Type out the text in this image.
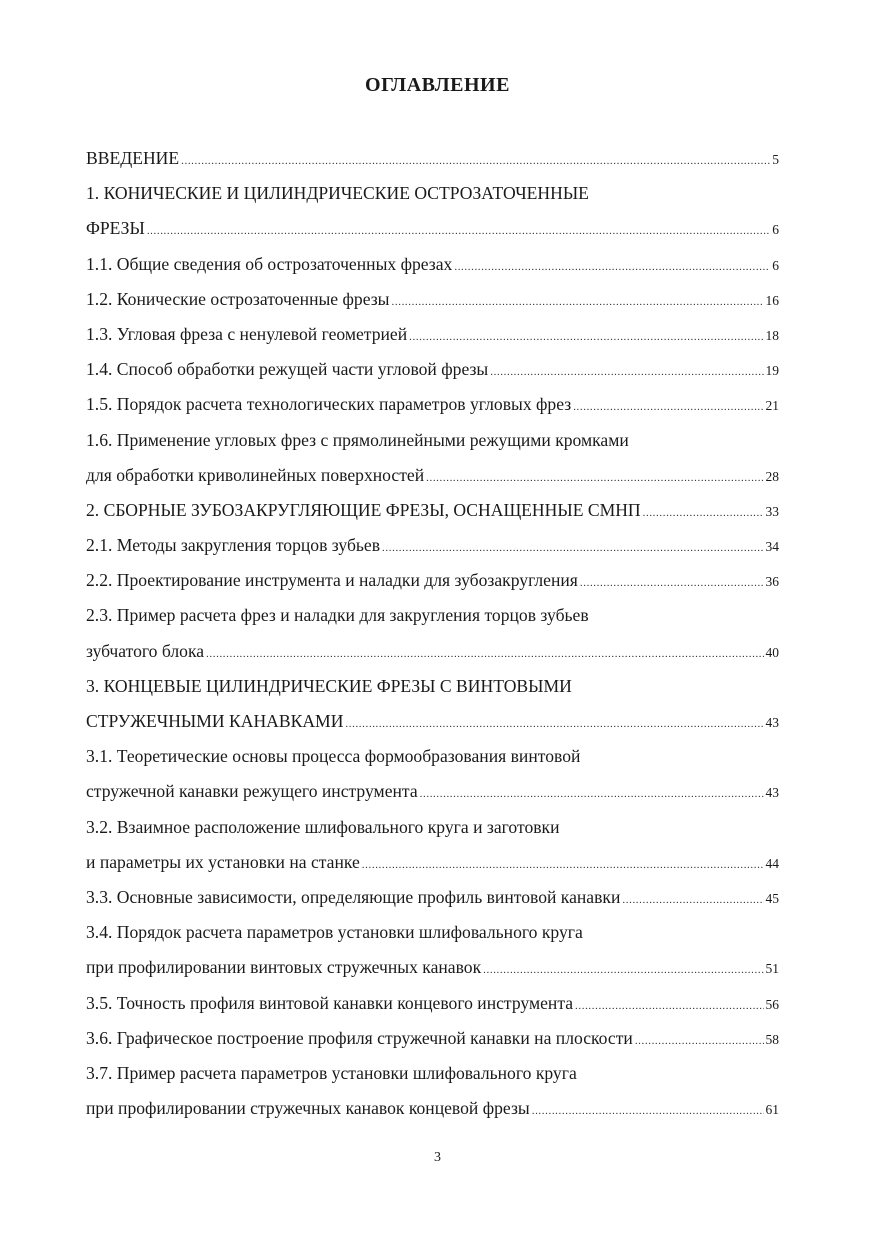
ОГЛАВЛЕНИЕ
ВВЕДЕНИЕ .....	5
1. КОНИЧЕСКИЕ И ЦИЛИНДРИЧЕСКИЕ ОСТРОЗАТОЧЕННЫЕ
ФРЕЗЫ .....	6
1.1. Общие сведения об острозаточенных фрезах .....	6
1.2. Конические острозаточенные фрезы .....	16
1.3. Угловая фреза с ненулевой геометрией .....	18
1.4. Способ обработки режущей части угловой фрезы .....	19
1.5. Порядок расчета технологических параметров угловых фрез .....	21
1.6. Применение угловых фрез с прямолинейными режущими кромками
для обработки криволинейных поверхностей .....	28
2. СБОРНЫЕ ЗУБОЗАКРУГЛЯЮЩИЕ ФРЕЗЫ, ОСНАЩЕННЫЕ СМНП .....	33
2.1. Методы закругления торцов зубьев .....	34
2.2. Проектирование инструмента и наладки для зубозакругления .....	36
2.3. Пример расчета фрез и наладки для закругления торцов зубьев
зубчатого блока .....	40
3. КОНЦЕВЫЕ ЦИЛИНДРИЧЕСКИЕ ФРЕЗЫ С ВИНТОВЫМИ
СТРУЖЕЧНЫМИ КАНАВКАМИ .....	43
3.1. Теоретические основы процесса формообразования винтовой
стружечной канавки режущего инструмента .....	43
3.2. Взаимное расположение шлифовального круга и заготовки
и параметры их установки на станке .....	44
3.3. Основные зависимости, определяющие профиль винтовой канавки .....	45
3.4. Порядок расчета параметров установки шлифовального круга
при профилировании винтовых стружечных канавок .....	51
3.5. Точность профиля винтовой канавки концевого инструмента .....	56
3.6. Графическое построение профиля стружечной канавки на плоскости .....	58
3.7. Пример расчета параметров установки шлифовального круга
при профилировании стружечных канавок концевой фрезы .....	61
3
